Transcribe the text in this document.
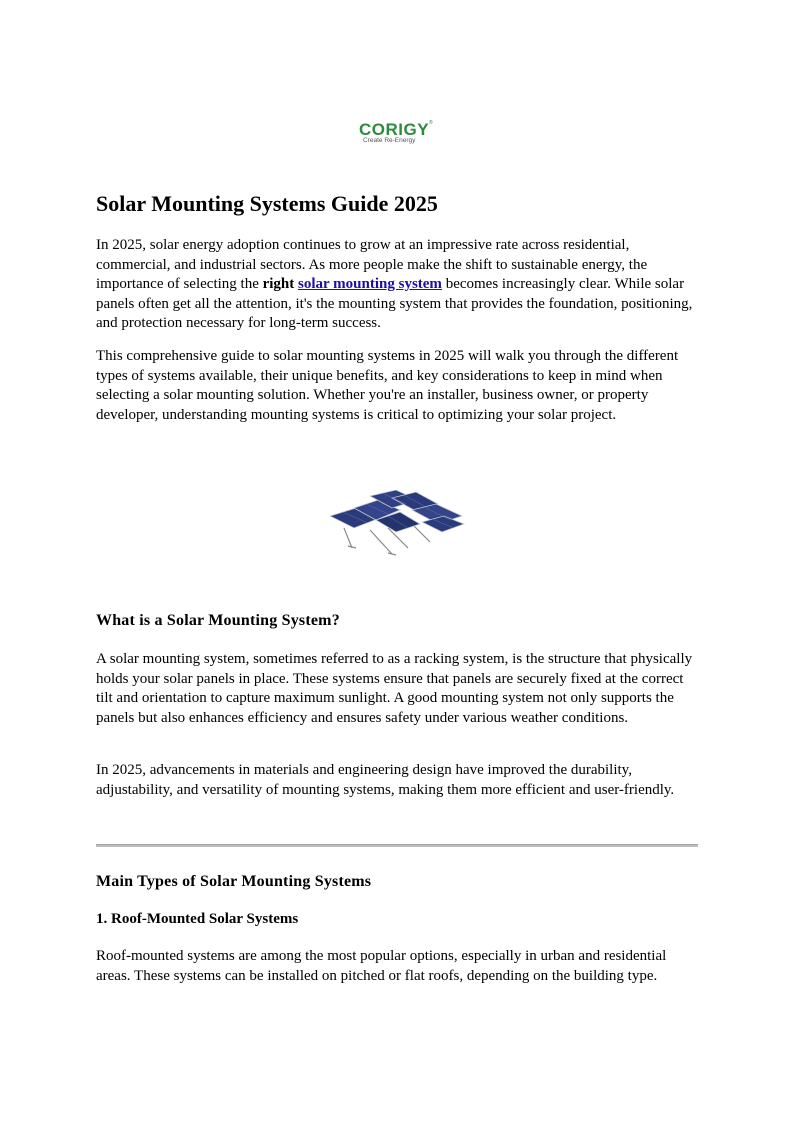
CORIGY ®
Create Re-Energy
Solar Mounting Systems Guide 2025

In 2025, solar energy adoption continues to grow at an impressive rate across residential, commercial, and industrial sectors. As more people make the shift to sustainable energy, the importance of selecting the right solar mounting system becomes increasingly clear. While solar panels often get all the attention, it's the mounting system that provides the foundation, positioning, and protection necessary for long-term success.

This comprehensive guide to solar mounting systems in 2025 will walk you through the different types of systems available, their unique benefits, and key considerations to keep in mind when selecting a solar mounting solution. Whether you're an installer, business owner, or property developer, understanding mounting systems is critical to optimizing your solar project.

What is a Solar Mounting System?

A solar mounting system, sometimes referred to as a racking system, is the structure that physically holds your solar panels in place. These systems ensure that panels are securely fixed at the correct tilt and orientation to capture maximum sunlight. A good mounting system not only supports the panels but also enhances efficiency and ensures safety under various weather conditions.

In 2025, advancements in materials and engineering design have improved the durability, adjustability, and versatility of mounting systems, making them more efficient and user-friendly.

Main Types of Solar Mounting Systems
1. Roof-Mounted Solar Systems

Roof-mounted systems are among the most popular options, especially in urban and residential areas. These systems can be installed on pitched or flat roofs, depending on the building type.
